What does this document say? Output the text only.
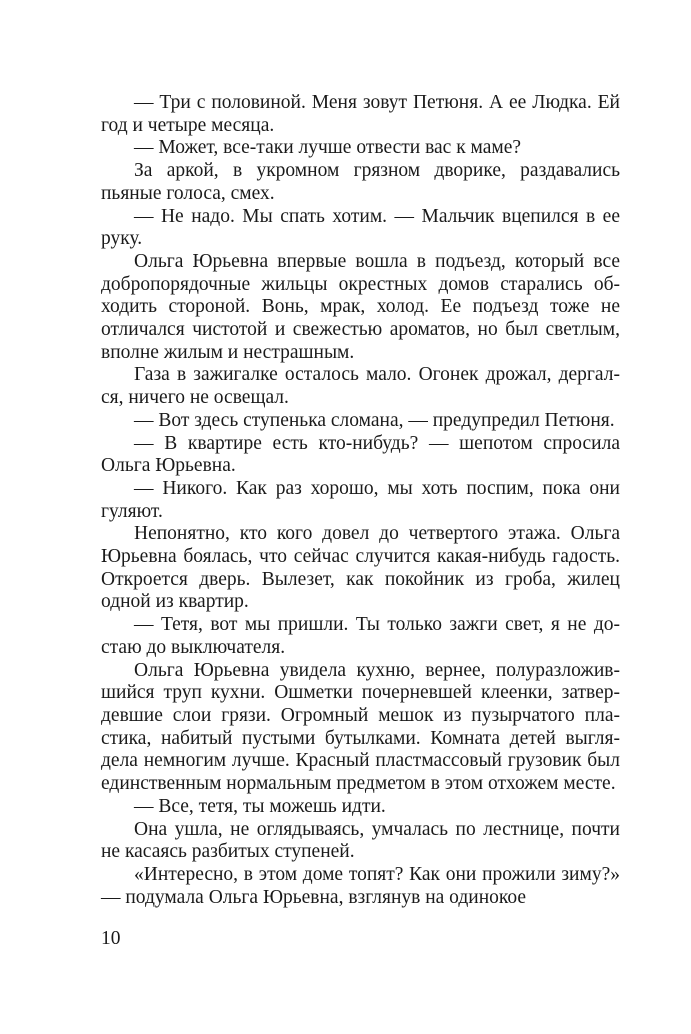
— Три с половиной. Меня зовут Петюня. А ее Людка. Ей год и четыре месяца.

— Может, все-таки лучше отвести вас к маме?

За аркой, в укромном грязном дворике, раздавались пьяные голоса, смех.

— Не надо. Мы спать хотим. — Мальчик вцепился в ее руку.

Ольга Юрьевна впервые вошла в подъезд, который все добропорядочные жильцы окрестных домов старались обходить стороной. Вонь, мрак, холод. Ее подъезд тоже не отличался чистотой и свежестью ароматов, но был светлым, вполне жилым и нестрашным.

Газа в зажигалке осталось мало. Огонек дрожал, дергался, ничего не освещал.

— Вот здесь ступенька сломана, — предупредил Петюня.

— В квартире есть кто-нибудь? — шепотом спросила Ольга Юрьевна.

— Никого. Как раз хорошо, мы хоть поспим, пока они гуляют.

Непонятно, кто кого довел до четвертого этажа. Ольга Юрьевна боялась, что сейчас случится какая-нибудь гадость. Откроется дверь. Вылезет, как покойник из гроба, жилец одной из квартир.

— Тетя, вот мы пришли. Ты только зажги свет, я не достаю до выключателя.

Ольга Юрьевна увидела кухню, вернее, полуразложившийся труп кухни. Ошметки почерневшей клеенки, затвердевшие слои грязи. Огромный мешок из пузырчатого пластика, набитый пустыми бутылками. Комната детей выглядела немногим лучше. Красный пластмассовый грузовик был единственным нормальным предметом в этом отхожем месте.

— Все, тетя, ты можешь идти.

Она ушла, не оглядываясь, умчалась по лестнице, почти не касаясь разбитых ступеней.

«Интересно, в этом доме топят? Как они прожили зиму?» — подумала Ольга Юрьевна, взглянув на одинокое

10
